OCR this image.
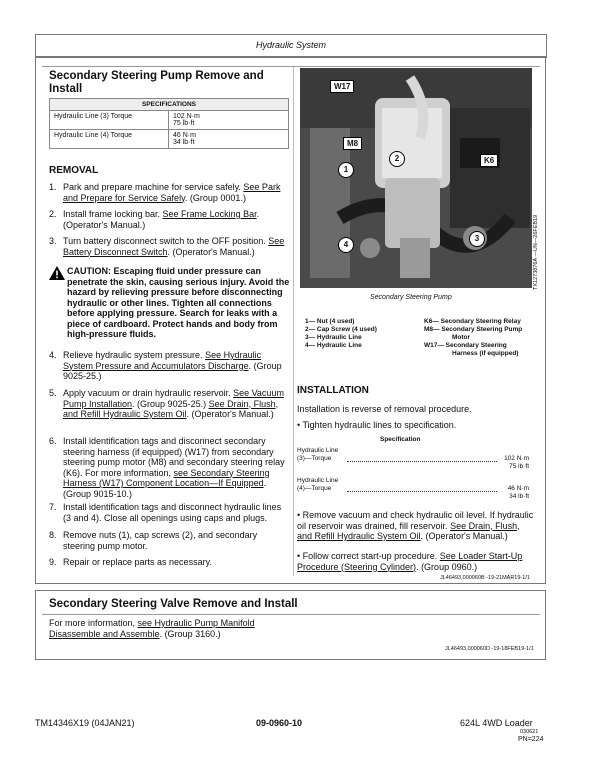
Hydraulic System
Secondary Steering Pump Remove and
Install
SPECIFICATIONS	
Hydraulic Line (3) Torque	102 N·m
75 lb·ft

Hydraulic Line (4) Torque	46 N·m
34 lb·ft
REMOVAL
1. Park and prepare machine for service safely. See Park and Prepare for Service Safely. (Group 0001.)
2. Install frame locking bar. See Frame Locking Bar. (Operator's Manual.)
3. Turn battery disconnect switch to the OFF position. See Battery Disconnect Switch. (Operator's Manual.)
CAUTION: Escaping fluid under pressure can penetrate the skin, causing serious injury. Avoid the hazard by relieving pressure before disconnecting hydraulic or other lines. Tighten all connections before applying pressure. Search for leaks with a piece of cardboard. Protect hands and body from high-pressure fluids.
4. Relieve hydraulic system pressure. See Hydraulic System Pressure and Accumulators Discharge. (Group 9025-25.)
5. Apply vacuum or drain hydraulic reservoir. See Vacuum Pump Installation. (Group 9025-25.) See Drain, Flush, and Refill Hydraulic System Oil. (Operator's Manual.)
6. Install identification tags and disconnect secondary steering harness (if equipped) (W17) from secondary steering pump motor (M8) and secondary steering relay (K6). For more information, see Secondary Steering Harness (W17) Component Location—If Equipped. (Group 9015-10.)
7. Install identification tags and disconnect hydraulic lines (3 and 4). Close all openings using caps and plugs.
8. Remove nuts (1), cap screws (2), and secondary steering pump motor.
9. Repair or replace parts as necessary.
W17
M8
K6
1
2
3
4	TX1273876A —UN—26FEB19
Secondary Steering Pump
1— Nut (4 used)
2— Cap Screw (4 used)
3— Hydraulic Line
4— Hydraulic Line
K6— Secondary Steering Relay
M8— Secondary Steering Pump
Motor
W17— Secondary Steering
Harness (if equipped)
INSTALLATION
Installation is reverse of removal procedure.
• Tighten hydraulic lines to specification.
Specification
Hydraulic Line
(3)—Torque	102 N·m
75 lb·ft
Hydraulic Line
(4)—Torque	46 N·m
34 lb·ft
• Remove vacuum and check hydraulic oil level. If hydraulic oil reservoir was drained, fill reservoir. See Drain, Flush, and Refill Hydraulic System Oil. (Operator's Manual.)
• Follow correct start-up procedure. See Loader Start-Up Procedure (Steering Cylinder). (Group 0960.)
JL46493,000060B -19-21MAR19-1/1
Secondary Steering Valve Remove and Install
For more information, see Hydraulic Pump Manifold Disassemble and Assemble. (Group 3160.)
JL46493,000060D -19-18FEB19-1/1
TM14346X19 (04JAN21)	09-0960-10	624L 4WD Loader
030621
PN=224
